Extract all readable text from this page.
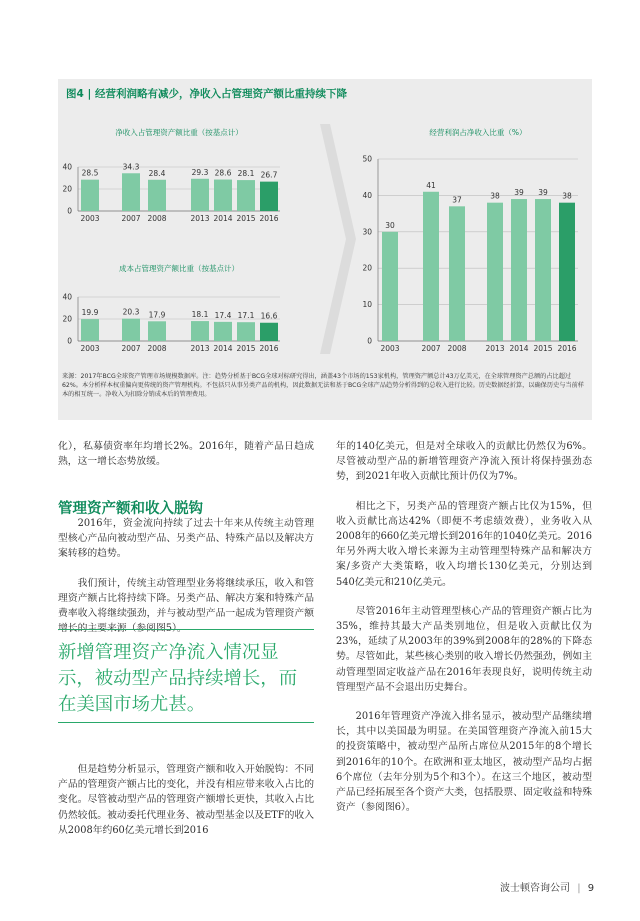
净收入占管理资产额比重（按基点计）
0
20
40
28.5
2003
34.3
2007
28.4
2008
29.3
2013
28.6
2014
28.1
2015
26.7
2016
成本占管理资产额比重（按基点计）
0
20
40
19.9
2003
20.3
2007
17.9
2008
18.1
2013
17.4
2014
17.1
2015
16.6
2016
经营利润占净收入比重（%）
0
10
20
30
40
50
30
2003
41
2007
37
2008
38
2013
39
2014
39
2015
38
2016
图4 | 经营利润略有减少，净收入占管理资产额比重持续下降
来源：2017年BCG全球资产管理市场规模数据库。注：趋势分析基于BCG全球对标研究得出，涵盖43个市场的153家机构，管理资产额总计43万亿美元，在全球管理资产总额的占比超过62%。本分析样本权重偏向更传统的资产管理机构。不包括只从事另类产品的机构，因此数据无法和基于BCG全球产品趋势分析得到的总收入进行比较。历史数据经折算，以确保历史与当前样本的相互统一。净收入为扣除分销成本后的管理费用。

化），私募债资率年均增长2%。2016年，随着产品日趋成熟，这一增长态势放缓。

管理资产额和收入脱钩

2016年，资金流向持续了过去十年来从传统主动管理型核心产品向被动型产品、另类产品、特殊产品以及解决方案转移的趋势。

我们预计，传统主动管理型业务将继续承压，收入和管理资产额占比将持续下降。另类产品、解决方案和特殊产品费率收入将继续强劲，并与被动型产品一起成为管理资产额增长的主要来源（参阅图5）。

新增管理资产净流入情况显示，被动型产品持续增长，而在美国市场尤甚。

但是趋势分析显示，管理资产额和收入开始脱钩：不同产品的管理资产额占比的变化，并没有相应带来收入占比的变化。尽管被动型产品的管理资产额增长更快，其收入占比仍然较低。被动委托代理业务、被动型基金以及ETF的收入从2008年约60亿美元增长到2016

年的140亿美元，但是对全球收入的贡献比仍然仅为6%。尽管被动型产品的新增管理资产净流入预计将保持强劲态势，到2021年收入贡献比预计仍仅为7%。

相比之下，另类产品的管理资产额占比仅为15%，但收入贡献比高达42%（即便不考虑绩效费），业务收入从2008年的660亿美元增长到2016年的1040亿美元。2016年另外两大收入增长来源为主动管理型特殊产品和解决方案/多资产大类策略，收入均增长130亿美元，分别达到540亿美元和210亿美元。

尽管2016年主动管理型核心产品的管理资产额占比为35%，维持其最大产品类别地位，但是收入贡献比仅为23%，延续了从2003年的39%到2008年的28%的下降态势。尽管如此，某些核心类别的收入增长仍然强劲，例如主动管理型固定收益产品在2016年表现良好，说明传统主动管理型产品不会退出历史舞台。

2016年管理资产净流入排名显示，被动型产品继续增长，其中以美国最为明显。在美国管理资产净流入前15大的投资策略中，被动型产品所占席位从2015年的8个增长到2016年的10个。在欧洲和亚太地区，被动型产品均占据6个席位（去年分别为5个和3个）。在这三个地区，被动型产品已经拓展至各个资产大类，包括股票、固定收益和特殊资产（参阅图6）。

波士顿咨询公司 | 9
